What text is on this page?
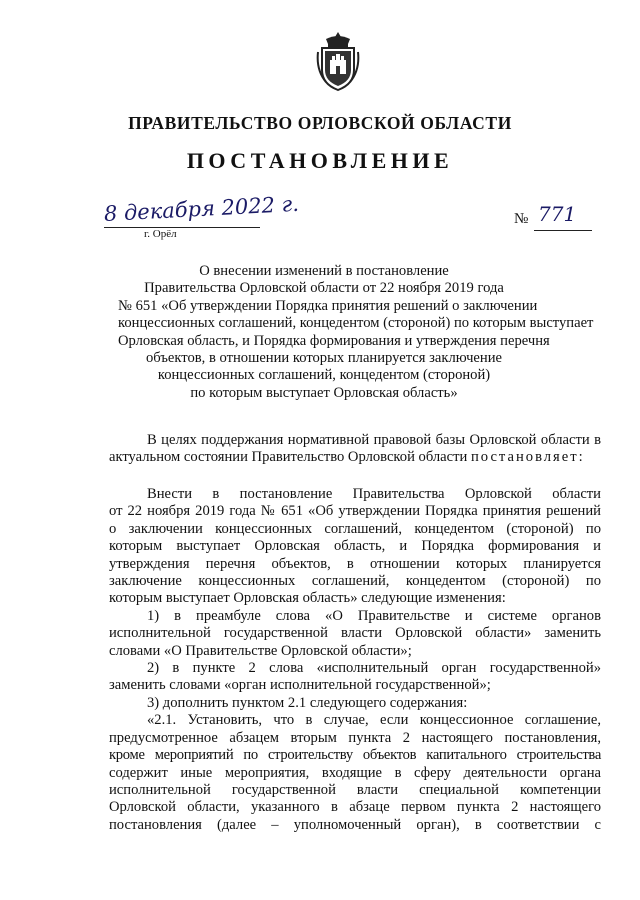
ПРАВИТЕЛЬСТВО ОРЛОВСКОЙ ОБЛАСТИ
ПОСТАНОВЛЕНИЕ
8 декабря 2022 г.
г. Орёл
№ 771
О внесении изменений в постановление
Правительства Орловской области от 22 ноября 2019 года
№ 651 «Об утверждении Порядка принятия решений о заключении
концессионных соглашений, концедентом (стороной) по которым выступает
Орловская область, и Порядка формирования и утверждения перечня
объектов, в отношении которых планируется заключение
концессионных соглашений, концедентом (стороной)
по которым выступает Орловская область»
В целях поддержания нормативной правовой базы Орловской области в
актуальном состоянии Правительство Орловской области постановляет:
Внести в постановление Правительства Орловской области
от 22 ноября 2019 года № 651 «Об утверждении Порядка принятия решений
о заключении концессионных соглашений, концедентом (стороной) по
которым выступает Орловская область, и Порядка формирования и
утверждения перечня объектов, в отношении которых планируется
заключение концессионных соглашений, концедентом (стороной) по
которым выступает Орловская область» следующие изменения:
1) в преамбуле слова «О Правительстве и системе органов
исполнительной государственной власти Орловской области» заменить
словами «О Правительстве Орловской области»;
2) в пункте 2 слова «исполнительный орган государственной»
заменить словами «орган исполнительной государственной»;
3) дополнить пунктом 2.1 следующего содержания:
«2.1. Установить, что в случае, если концессионное соглашение,
предусмотренное абзацем вторым пункта 2 настоящего постановления,
кроме мероприятий по строительству объектов капитального строительства
содержит иные мероприятия, входящие в сферу деятельности органа
исполнительной государственной власти специальной компетенции
Орловской области, указанного в абзаце первом пункта 2 настоящего
постановления (далее – уполномоченный орган), в соответствии с
